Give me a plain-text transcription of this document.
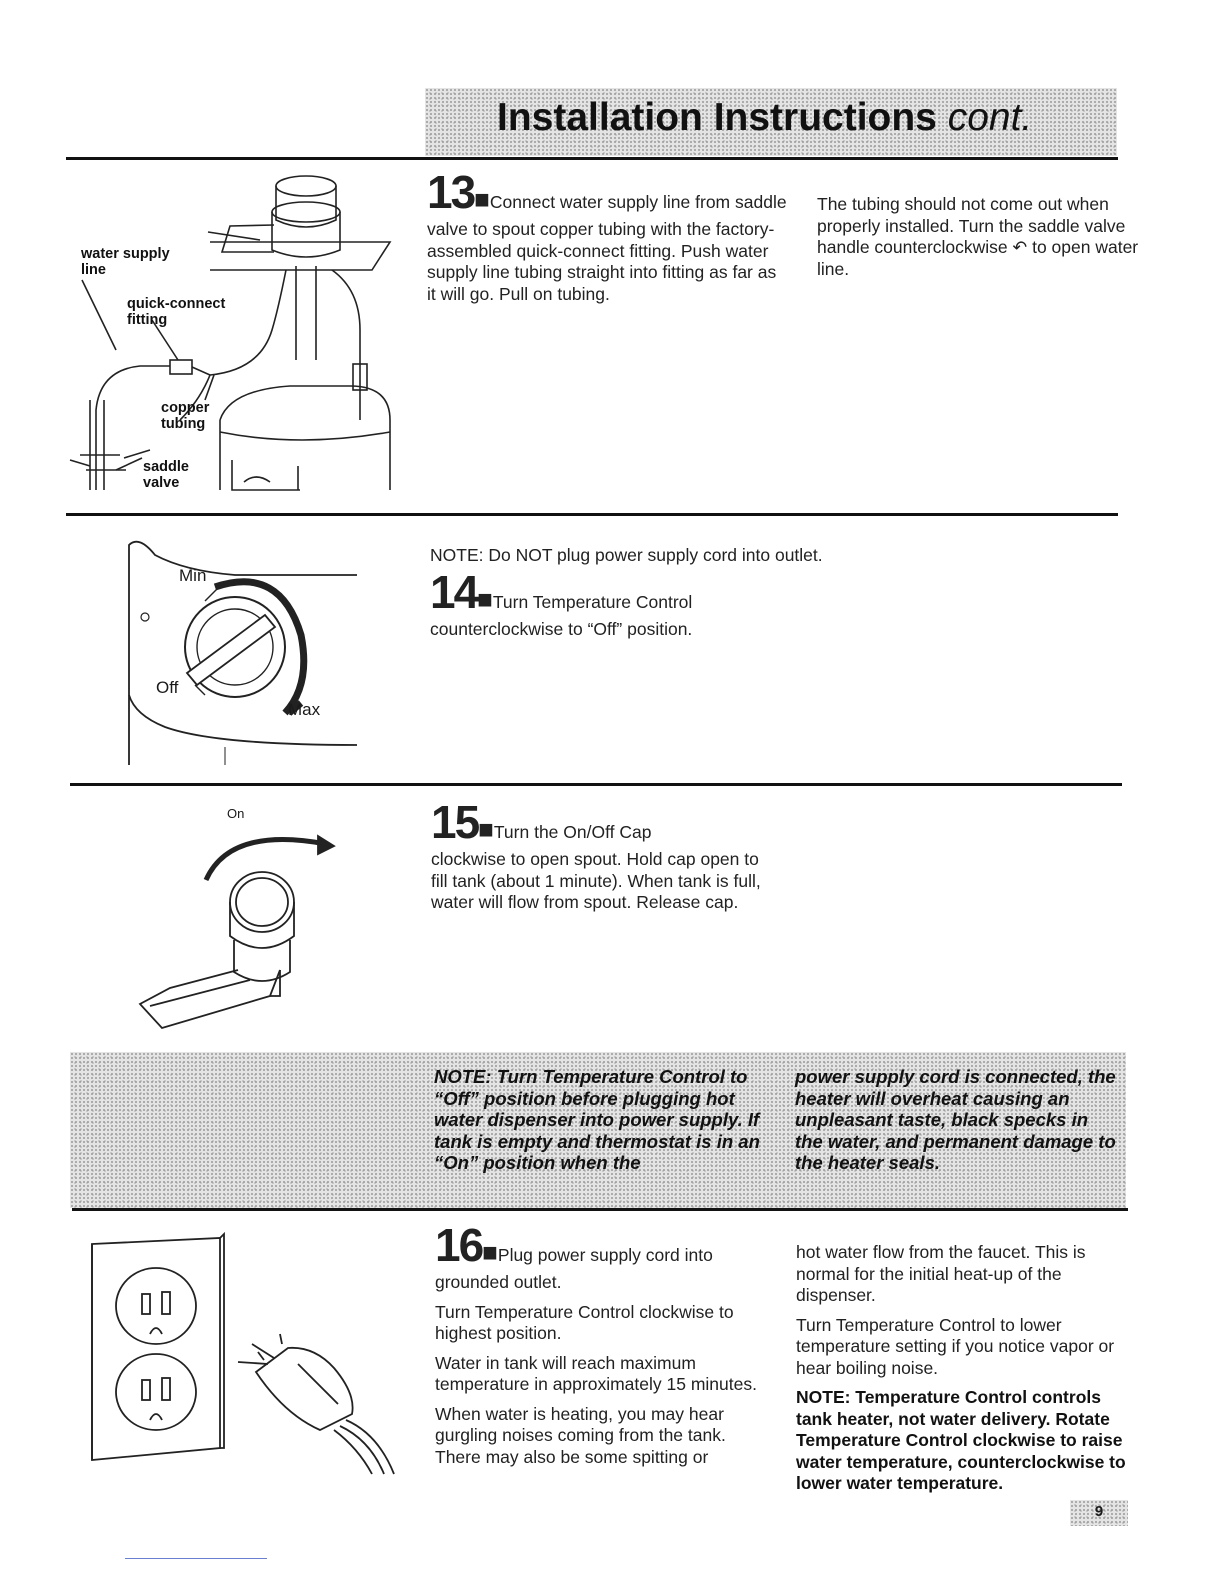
Installation Instructions cont.
water supply
line
quick-connect
fitting
copper
tubing
saddle
valve
13■Connect water supply line from saddle valve to spout copper tubing with the factory-assembled quick-connect fitting. Push water supply line tubing straight into fitting as far as it will go. Pull on tubing.
The tubing should not come out when properly installed. Turn the saddle valve handle counterclockwise ↶ to open water line.
Min
Off
Max
NOTE: Do NOT plug power supply cord into outlet.
14■Turn Temperature Control
counterclockwise to “Off” position.
On	15■Turn the On/Off Cap
clockwise to open spout. Hold cap open to fill tank (about 1 minute). When tank is full, water will flow from spout. Release cap.
NOTE: Turn Temperature Control to “Off” position before plugging hot water dispenser into power supply. If tank is empty and thermostat is in an “On” position when the
power supply cord is connected, the heater will overheat causing an unpleasant taste, black specks in the water, and permanent damage to the heater seals.
16■Plug power supply cord into
grounded outlet.

Turn Temperature Control clockwise to highest position.

Water in tank will reach maximum temperature in approximately 15 minutes.

When water is heating, you may hear gurgling noises coming from the tank. There may also be some spitting or

hot water flow from the faucet. This is normal for the initial heat-up of the dispenser.

Turn Temperature Control to lower temperature setting if you notice vapor or hear boiling noise.

NOTE: Temperature Control controls tank heater, not water delivery. Rotate Temperature Control clockwise to raise water temperature, counterclockwise to lower water temperature.

9
